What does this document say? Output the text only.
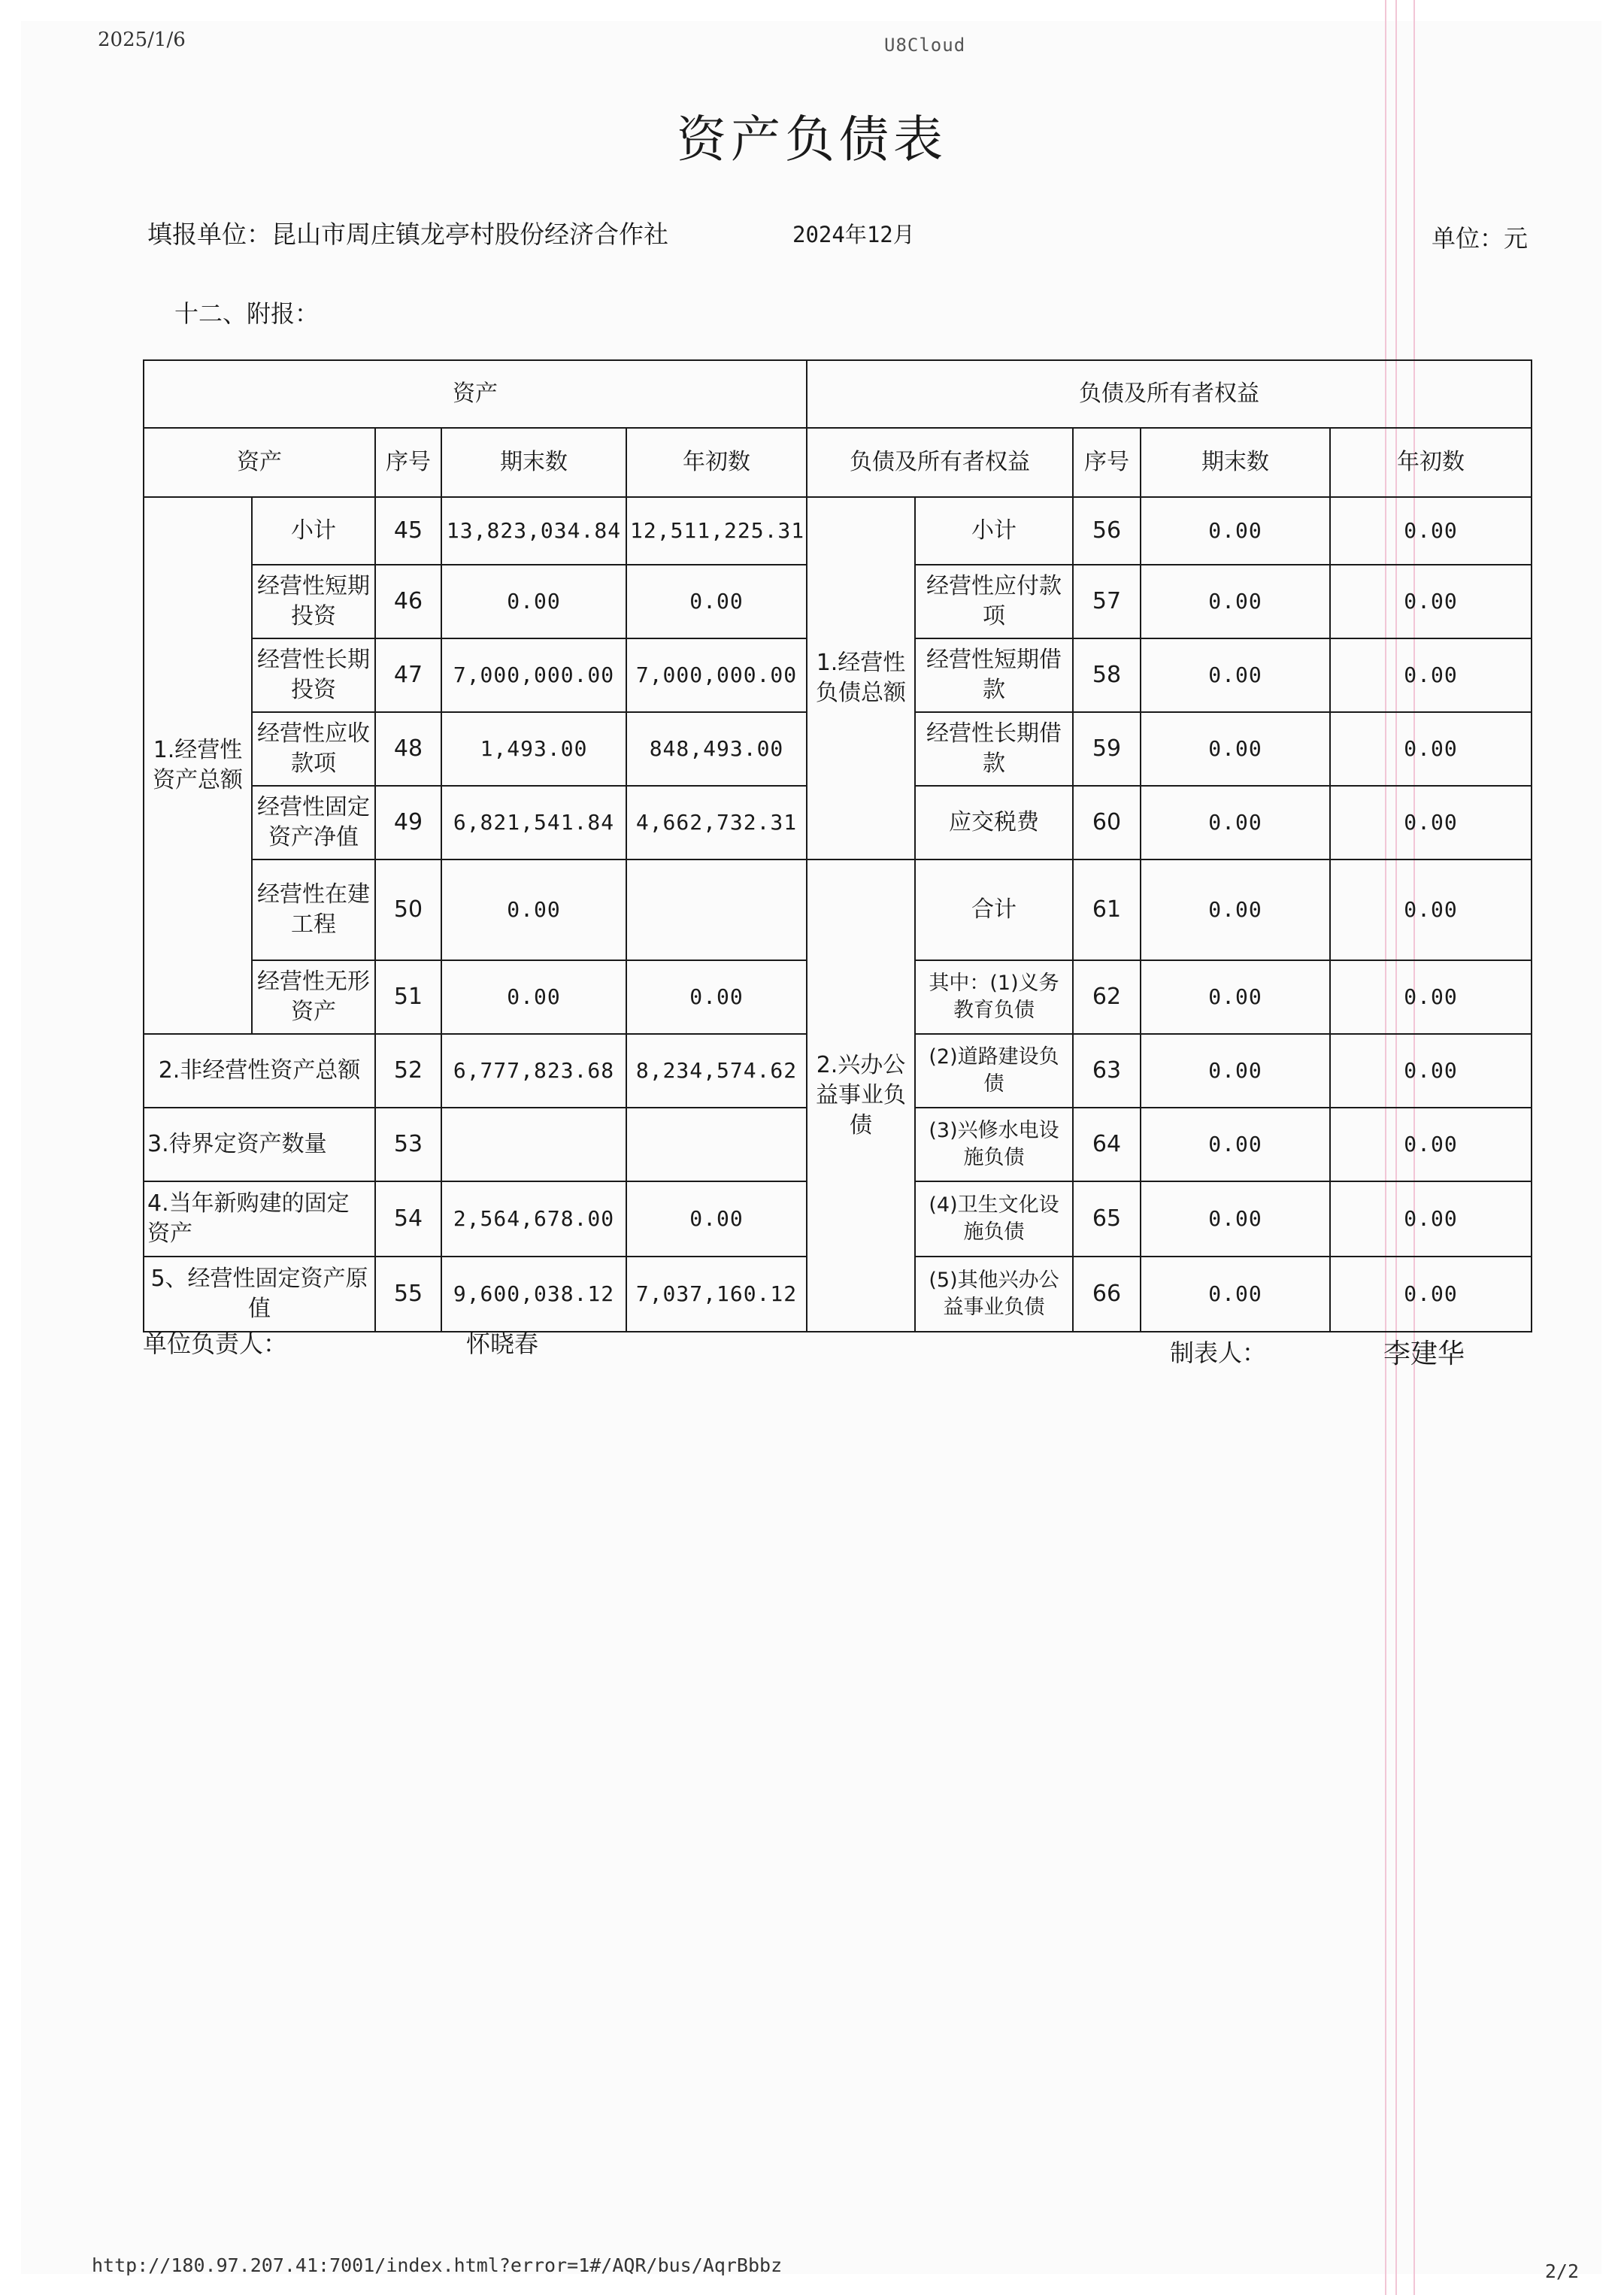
2025/1/6	U8Cloud
资产负债表
填报单位：昆山市周庄镇龙亭村股份经济合作社	2024年12月	单位：元
十二、附报：
资产					负债及所有者权益				
资产		序号	期末数	年初数	负债及所有者权益		序号	期末数	年初数
1.经营性资产总额	小计	45	13,823,034.84	12,511,225.31	1.经营性负债总额	小计	56	0.00	0.00
	经营性短期投资	46	0.00	0.00		经营性应付款项	57	0.00	0.00
	经营性长期投资	47	7,000,000.00	7,000,000.00		经营性短期借款	58	0.00	0.00
	经营性应收款项	48	1,493.00	848,493.00		经营性长期借款	59	0.00	0.00
	经营性固定资产净值	49	6,821,541.84	4,662,732.31		应交税费	60	0.00	0.00
	经营性在建工程	50	0.00		2.兴办公益事业负债	合计	61	0.00	0.00
	经营性无形资产	51	0.00	0.00		其中：(1)义务教育负债	62	0.00	0.00
2.非经营性资产总额		52	6,777,823.68	8,234,574.62		(2)道路建设负债	63	0.00	0.00
3.待界定资产数量		53				(3)兴修水电设施负债	64	0.00	0.00
4.当年新购建的固定资产		54	2,564,678.00	0.00		(4)卫生文化设施负债	65	0.00	0.00
5、经营性固定资产原值		55	9,600,038.12	7,037,160.12		(5)其他兴办公益事业负债	66	0.00	0.00
单位负责人：	怀晓春	制表人：	李建华
http://180.97.207.41:7001/index.html?error=1#/AQR/bus/AqrBbbz	2/2
